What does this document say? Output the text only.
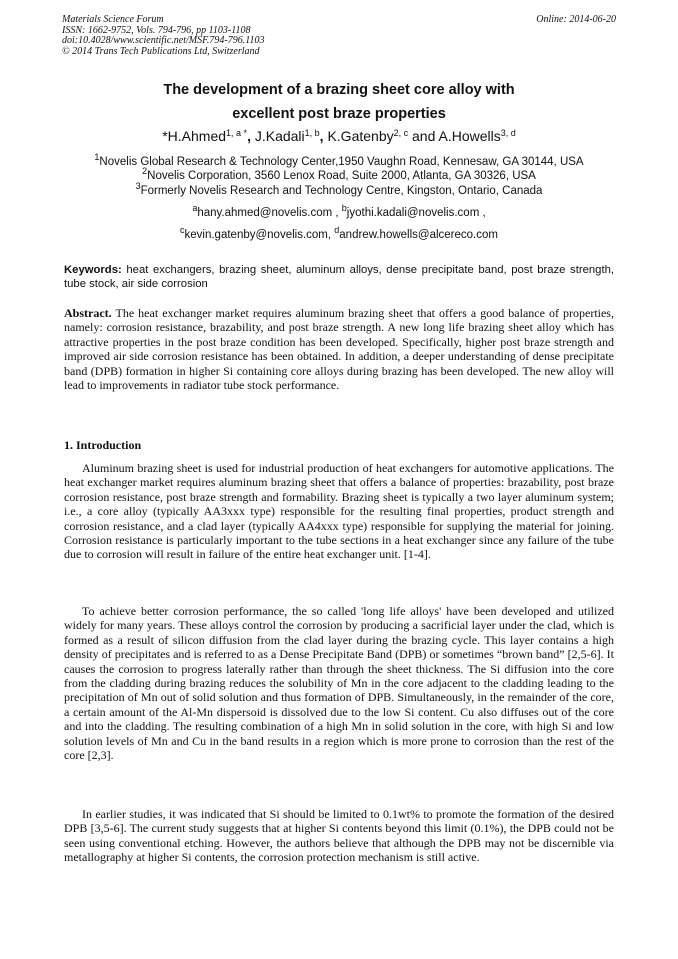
Materials Science Forum
ISSN: 1662-9752, Vols. 794-796, pp 1103-1108
doi:10.4028/www.scientific.net/MSF.794-796.1103
© 2014 Trans Tech Publications Ltd, Switzerland
Online: 2014-06-20
The development of a brazing sheet core alloy with
excellent post braze properties
*H.Ahmed$^{1, a *}$, J.Kadali$^{1, b}$, K.Gatenby$^{2, c}$ and A.Howells$^{3, d}$
$^1$Novelis Global Research & Technology Center,1950 Vaughn Road, Kennesaw, GA 30144, USA
$^2$Novelis Corporation, 3560 Lenox Road, Suite 2000, Atlanta, GA 30326, USA
$^3$Formerly Novelis Research and Technology Centre, Kingston, Ontario, Canada
$^a$hany.ahmed@novelis.com , $^b$jyothi.kadali@novelis.com ,
$^c$kevin.gatenby@novelis.com, $^d$andrew.howells@alcereco.com
Keywords: heat exchangers, brazing sheet, aluminum alloys, dense precipitate band, post braze strength, tube stock, air side corrosion
Abstract. The heat exchanger market requires aluminum brazing sheet that offers a good balance of properties, namely: corrosion resistance, brazability, and post braze strength. A new long life brazing sheet alloy which has attractive properties in the post braze condition has been developed. Specifically, higher post braze strength and improved air side corrosion resistance has been obtained. In addition, a deeper understanding of dense precipitate band (DPB) formation in higher Si containing core alloys during brazing has been developed. The new alloy will lead to improvements in radiator tube stock performance.
1. Introduction
Aluminum brazing sheet is used for industrial production of heat exchangers for automotive applications. The heat exchanger market requires aluminum brazing sheet that offers a balance of properties: brazability, post braze corrosion resistance, post braze strength and formability. Brazing sheet is typically a two layer aluminum system; i.e., a core alloy (typically AA3xxx type) responsible for the resulting final properties, product strength and corrosion resistance, and a clad layer (typically AA4xxx type) responsible for supplying the material for joining. Corrosion resistance is particularly important to the tube sections in a heat exchanger since any failure of the tube due to corrosion will result in failure of the entire heat exchanger unit. [1-4].
To achieve better corrosion performance, the so called 'long life alloys' have been developed and utilized widely for many years. These alloys control the corrosion by producing a sacrificial layer under the clad, which is formed as a result of silicon diffusion from the clad layer during the brazing cycle. This layer contains a high density of precipitates and is referred to as a Dense Precipitate Band (DPB) or sometimes “brown band” [2,5-6]. It causes the corrosion to progress laterally rather than through the sheet thickness. The Si diffusion into the core from the cladding during brazing reduces the solubility of Mn in the core adjacent to the cladding leading to the precipitation of Mn out of solid solution and thus formation of DPB. Simultaneously, in the remainder of the core, a certain amount of the Al-Mn dispersoid is dissolved due to the low Si content. Cu also diffuses out of the core and into the cladding. The resulting combination of a high Mn in solid solution in the core, with high Si and low solution levels of Mn and Cu in the band results in a region which is more prone to corrosion than the rest of the core [2,3].
In earlier studies, it was indicated that Si should be limited to 0.1wt% to promote the formation of the desired DPB [3,5-6]. The current study suggests that at higher Si contents beyond this limit (0.1%), the DPB could not be seen using conventional etching. However, the authors believe that although the DPB may not be discernible via metallography at higher Si contents, the corrosion protection mechanism is still active.
